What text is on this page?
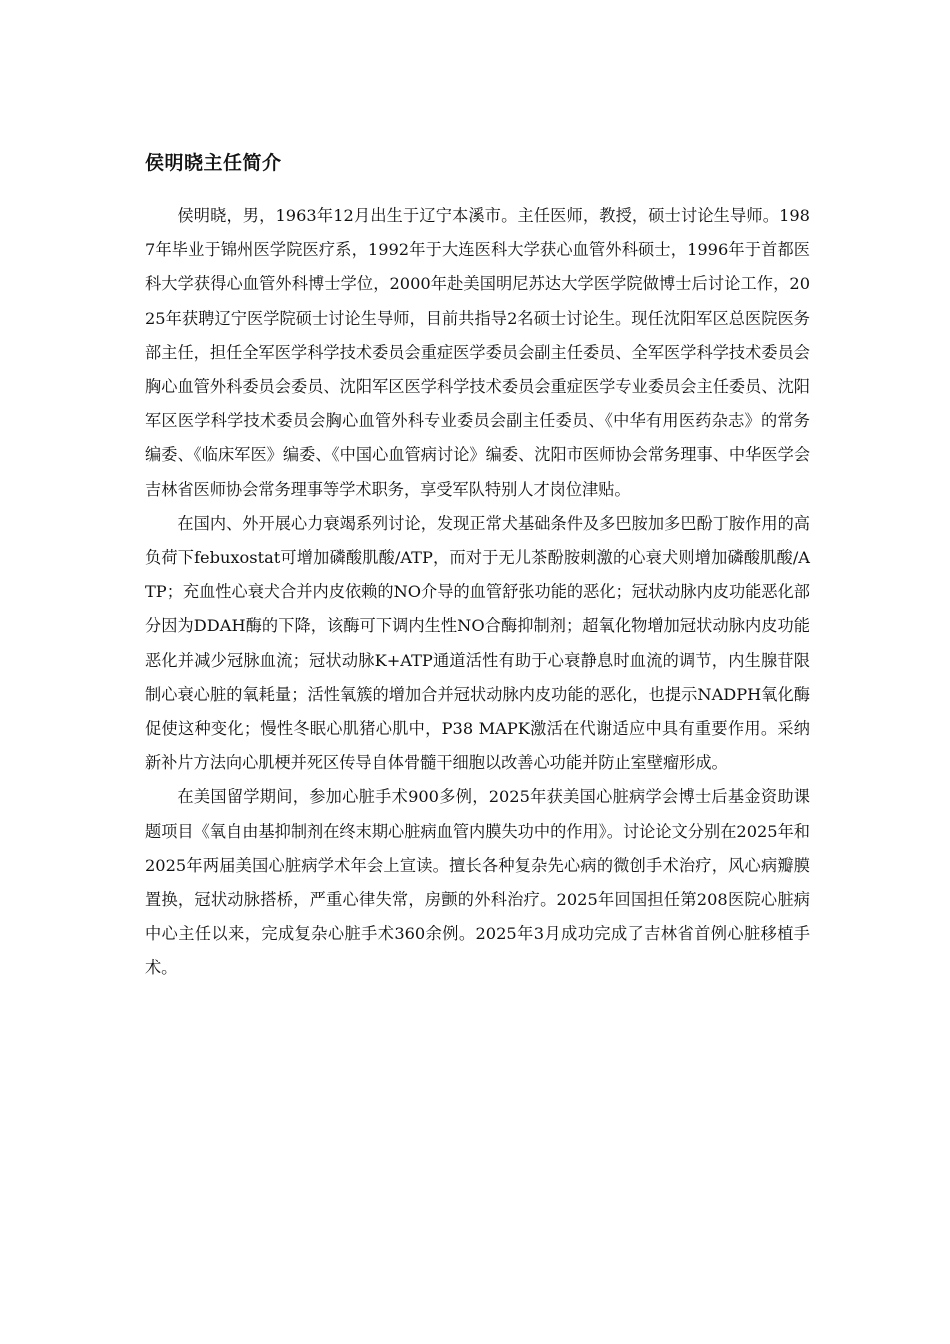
侯明晓主任简介

侯明晓，男，1963年12月出生于辽宁本溪市。主任医师，教授，硕士讨论生导师。1987年毕业于锦州医学院医疗系，1992年于大连医科大学获心血管外科硕士，1996年于首都医科大学获得心血管外科博士学位，2000年赴美国明尼苏达大学医学院做博士后讨论工作，2025年获聘辽宁医学院硕士讨论生导师，目前共指导2名硕士讨论生。现任沈阳军区总医院医务部主任，担任全军医学科学技术委员会重症医学委员会副主任委员、全军医学科学技术委员会胸心血管外科委员会委员、沈阳军区医学科学技术委员会重症医学专业委员会主任委员、沈阳军区医学科学技术委员会胸心血管外科专业委员会副主任委员、《中华有用医药杂志》的常务编委、《临床军医》编委、《中国心血管病讨论》编委、沈阳市医师协会常务理事、中华医学会吉林省医师协会常务理事等学术职务，享受军队特别人才岗位津贴。

在国内、外开展心力衰竭系列讨论，发现正常犬基础条件及多巴胺加多巴酚丁胺作用的高负荷下febuxostat可增加磷酸肌酸/ATP，而对于无儿茶酚胺刺激的心衰犬则增加磷酸肌酸/ATP；充血性心衰犬合并内皮依赖的NO介导的血管舒张功能的恶化；冠状动脉内皮功能恶化部分因为DDAH酶的下降，该酶可下调内生性NO合酶抑制剂；超氧化物增加冠状动脉内皮功能恶化并减少冠脉血流；冠状动脉K+ATP通道活性有助于心衰静息时血流的调节，内生腺苷限制心衰心脏的氧耗量；活性氧簇的增加合并冠状动脉内皮功能的恶化，也提示NADPH氧化酶促使这种变化；慢性冬眠心肌猪心肌中，P38 MAPK激活在代谢适应中具有重要作用。采纳新补片方法向心肌梗并死区传导自体骨髓干细胞以改善心功能并防止室壁瘤形成。

在美国留学期间，参加心脏手术900多例，2025年获美国心脏病学会博士后基金资助课题项目《氧自由基抑制剂在终末期心脏病血管内膜失功中的作用》。讨论论文分别在2025年和2025年两届美国心脏病学术年会上宣读。擅长各种复杂先心病的微创手术治疗，风心病瓣膜置换，冠状动脉搭桥，严重心律失常，房颤的外科治疗。2025年回国担任第208医院心脏病中心主任以来，完成复杂心脏手术360余例。2025年3月成功完成了吉林省首例心脏移植手术。
